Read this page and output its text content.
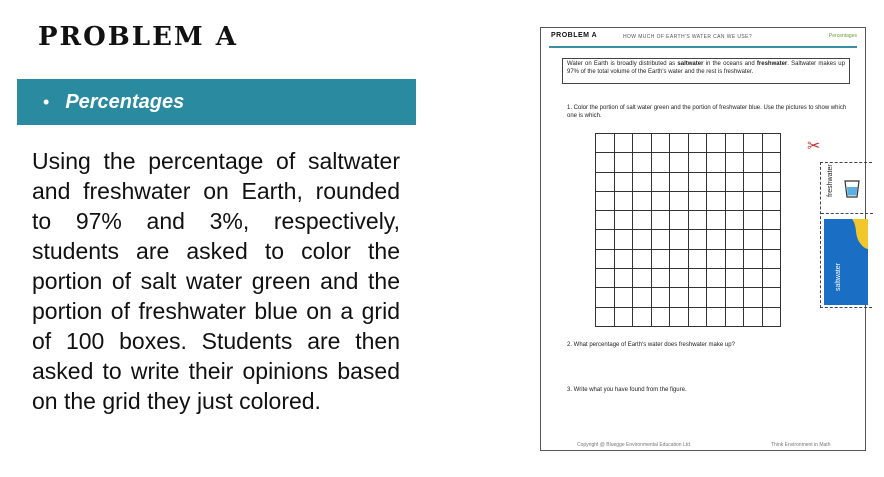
PROBLEM A
• Percentages
Using the percentage of saltwater and freshwater on Earth, rounded to 97% and 3%, respectively, students are asked to color the portion of salt water green and the portion of freshwater blue on a grid of 100 boxes. Students are then asked to write their opinions based on the grid they just colored.
PROBLEM A	HOW MUCH OF EARTH'S WATER CAN WE USE?	Percentages
Water on Earth is broadly distributed as saltwater in the oceans and freshwater. Saltwater makes up 97% of the total volume of the Earth's water and the rest is freshwater.
1. Color the portion of salt water green and the portion of freshwater blue. Use the pictures to show which one is which.
2. What percentage of Earth's water does freshwater make up?
3. Write what you have found from the figure.
Copyright @ Bluegge Environmental Education Ltd.	Think Environment in Math
✂
freshwater
saltwater
